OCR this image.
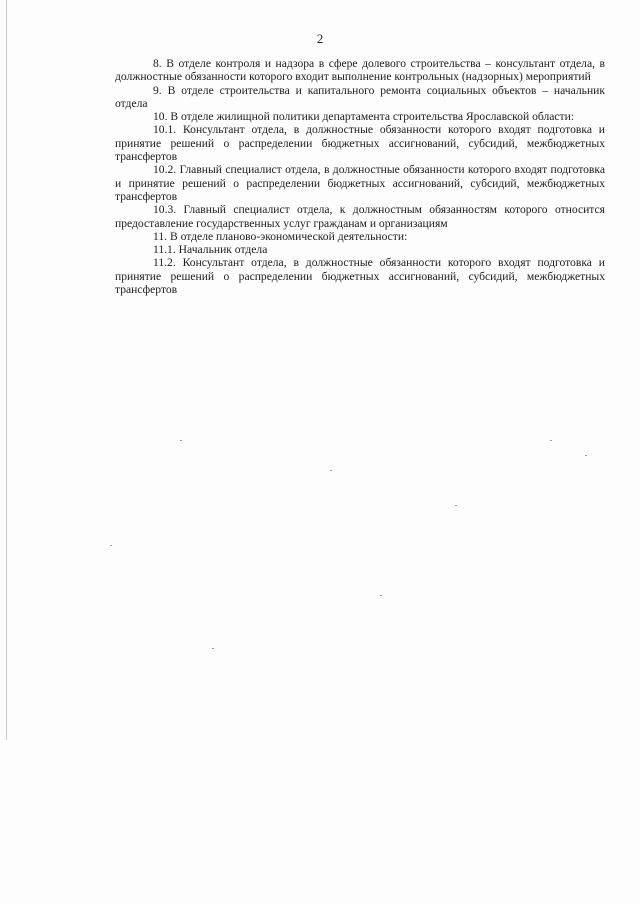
2

8. В отделе контроля и надзора в сфере долевого строительства – консультант отдела, в должностные обязанности которого входит выполнение контрольных (надзорных) мероприятий

9. В отделе строительства и капитального ремонта социальных объектов – начальник отдела

10. В отделе жилищной политики департамента строительства Ярославской области:

10.1. Консультант отдела, в должностные обязанности которого входят подготовка и принятие решений о распределении бюджетных ассигнований, субсидий, межбюджетных трансфертов

10.2. Главный специалист отдела, в должностные обязанности которого входят подготовка и принятие решений о распределении бюджетных ассигнований, субсидий, межбюджетных трансфертов

10.3. Главный специалист отдела, к должностным обязанностям которого относится предоставление государственных услуг гражданам и организациям

11. В отделе планово-экономической деятельности:

11.1. Начальник отдела

11.2. Консультант отдела, в должностные обязанности которого входят подготовка и принятие решений о распределении бюджетных ассигнований, субсидий, межбюджетных трансфертов
